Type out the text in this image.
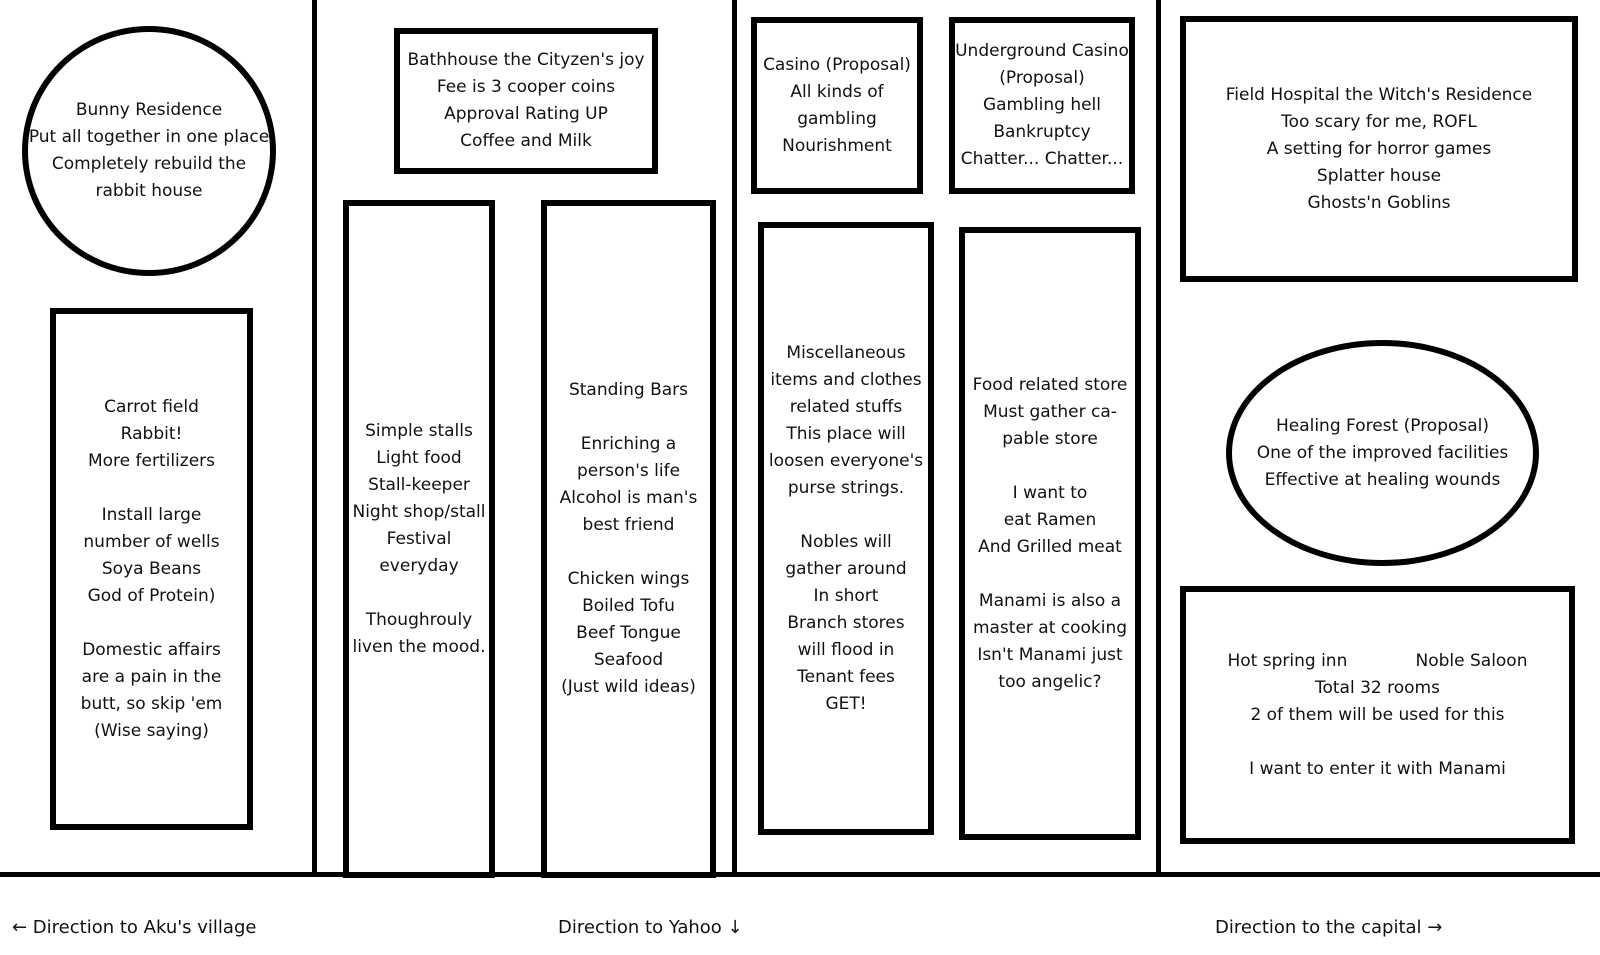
Bunny Residence
Put all together in one place
Completely rebuild the
rabbit house
Carrot field
Rabbit!
More fertilizers
Install large
number of wells
Soya Beans
God of Protein)
Domestic affairs
are a pain in the
butt, so skip 'em
(Wise saying)
Bathhouse the Cityzen's joy
Fee is 3 cooper coins
Approval Rating UP
Coffee and Milk
Simple stalls
Light food
Stall-keeper
Night shop/stall
Festival
everyday
Thoughrouly
liven the mood.
Standing Bars
Enriching a
person's life
Alcohol is man's
best friend
Chicken wings
Boiled Tofu
Beef Tongue
Seafood
(Just wild ideas)
Casino (Proposal)
All kinds of
gambling
Nourishment
Underground Casino
(Proposal)
Gambling hell
Bankruptcy
Chatter... Chatter...
Miscellaneous
items and clothes
related stuffs
This place will
loosen everyone's
purse strings.
Nobles will
gather around
In short
Branch stores
will flood in
Tenant fees
GET!
Food related store
Must gather ca-
pable store
I want to
eat Ramen
And Grilled meat
Manami is also a
master at cooking
Isn't Manami just
too angelic?
Field Hospital the Witch's Residence
Too scary for me, ROFL
A setting for horror games
Splatter house
Ghosts'n Goblins
Healing Forest (Proposal)
One of the improved facilities
Effective at healing wounds
Hot spring inn	Noble Saloon
Total 32 rooms
2 of them will be used for this
I want to enter it with Manami
← Direction to Aku's village	Direction to Yahoo ↓	Direction to the capital →
